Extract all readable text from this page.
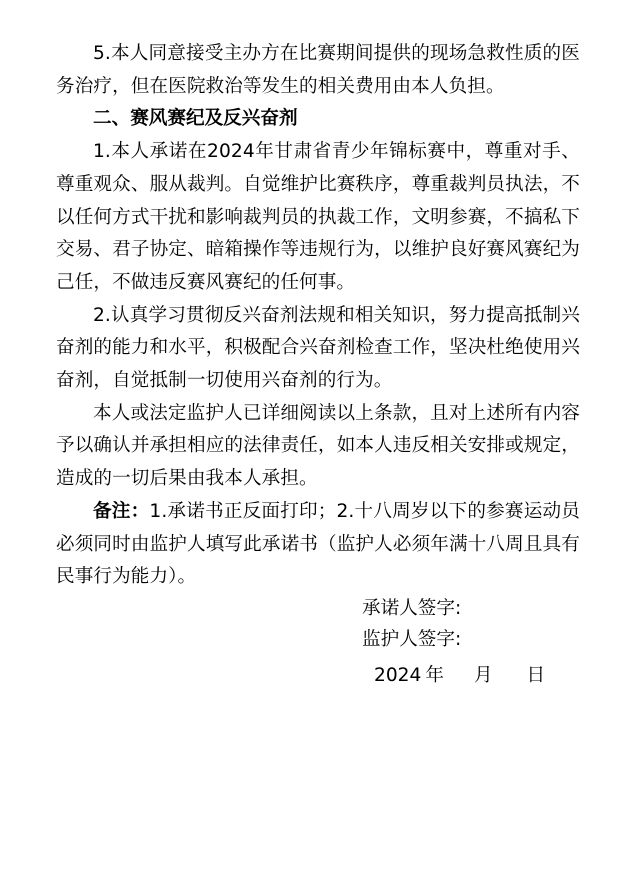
5.本人同意接受主办方在比赛期间提供的现场急救性质的医务治疗，但在医院救治等发生的相关费用由本人负担。

二、赛风赛纪及反兴奋剂

1.本人承诺在2024年甘肃省青少年锦标赛中，尊重对手、尊重观众、服从裁判。自觉维护比赛秩序，尊重裁判员执法，不以任何方式干扰和影响裁判员的执裁工作，文明参赛，不搞私下交易、君子协定、暗箱操作等违规行为，以维护良好赛风赛纪为己任，不做违反赛风赛纪的任何事。

2.认真学习贯彻反兴奋剂法规和相关知识，努力提高抵制兴奋剂的能力和水平，积极配合兴奋剂检查工作，坚决杜绝使用兴奋剂，自觉抵制一切使用兴奋剂的行为。

本人或法定监护人已详细阅读以上条款，且对上述所有内容予以确认并承担相应的法律责任，如本人违反相关安排或规定，造成的一切后果由我本人承担。

备注：1.承诺书正反面打印；2.十八周岁以下的参赛运动员必须同时由监护人填写此承诺书（监护人必须年满十八周且具有民事行为能力）。

承诺人签字:
监护人签字:
2024 年 月 日
